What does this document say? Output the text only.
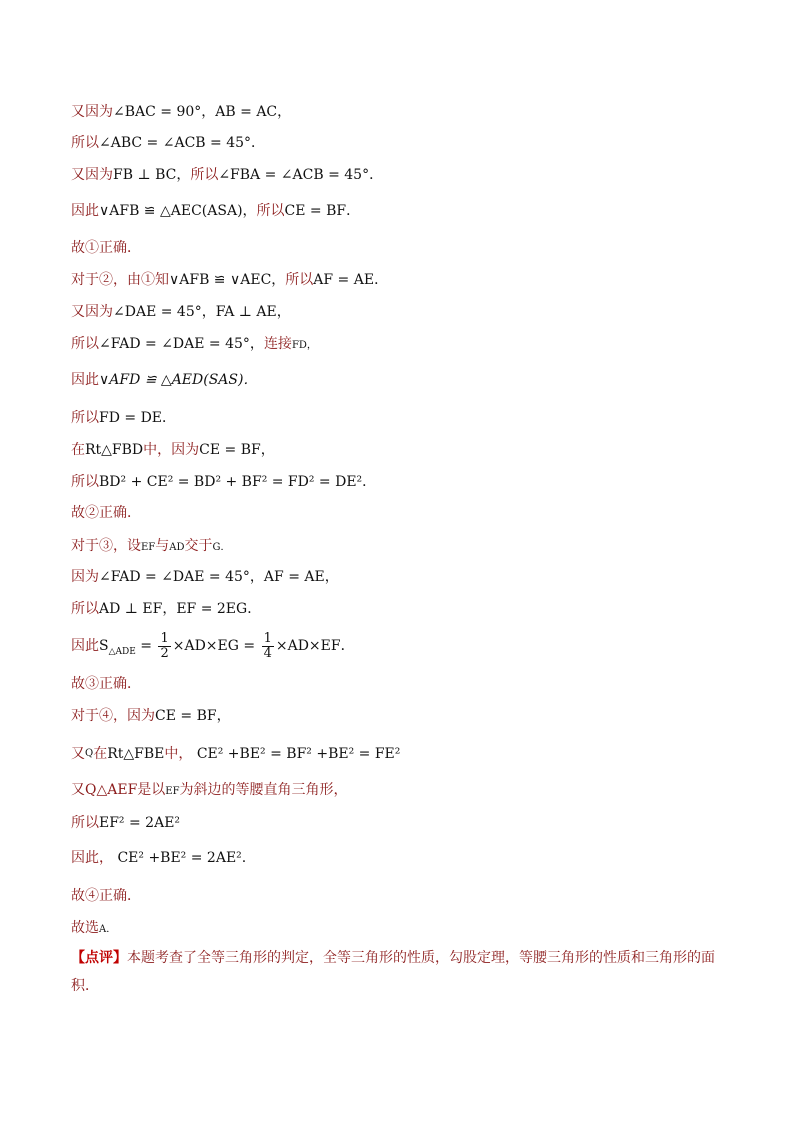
又因为∠BAC = 90°，AB = AC，
所以∠ABC = ∠ACB = 45°．
又因为FB ⊥ BC，所以∠FBA = ∠ACB = 45°．
因此∨AFB ≌ △AEC(ASA)，所以CE = BF．
故①正确．
对于②，由①知∨AFB ≌ ∨AEC，所以AF = AE．
又因为∠DAE = 45°，FA ⊥ AE，
所以∠FAD = ∠DAE = 45°，连接FD，
因此∨AFD ≌ △AED(SAS)．
所以FD = DE．
在Rt△FBD中，因为CE = BF，
所以BD² + CE² = BD² + BF² = FD² = DE²．
故②正确．
对于③，设EF与AD交于G．
因为∠FAD = ∠DAE = 45°，AF = AE，
所以AD ⊥ EF，EF = 2EG．
因此$S_{\triangle ADE} = \frac{1}{2} \times AD\times EG = \frac{1}{4} \times AD\times EF$．
故③正确．
对于④，因为CE = BF，
又$^Q$在Rt△FBE中， CE² +BE² = BF² +BE² = FE²
又Q△AEF是以EF为斜边的等腰直角三角形，
所以EF² = 2AE²
因此， CE² +BE² = 2AE².
故④正确．
故选A．
【点评】本题考查了全等三角形的判定，全等三角形的性质，勾股定理，等腰三角形的性质和三角形的面积．
